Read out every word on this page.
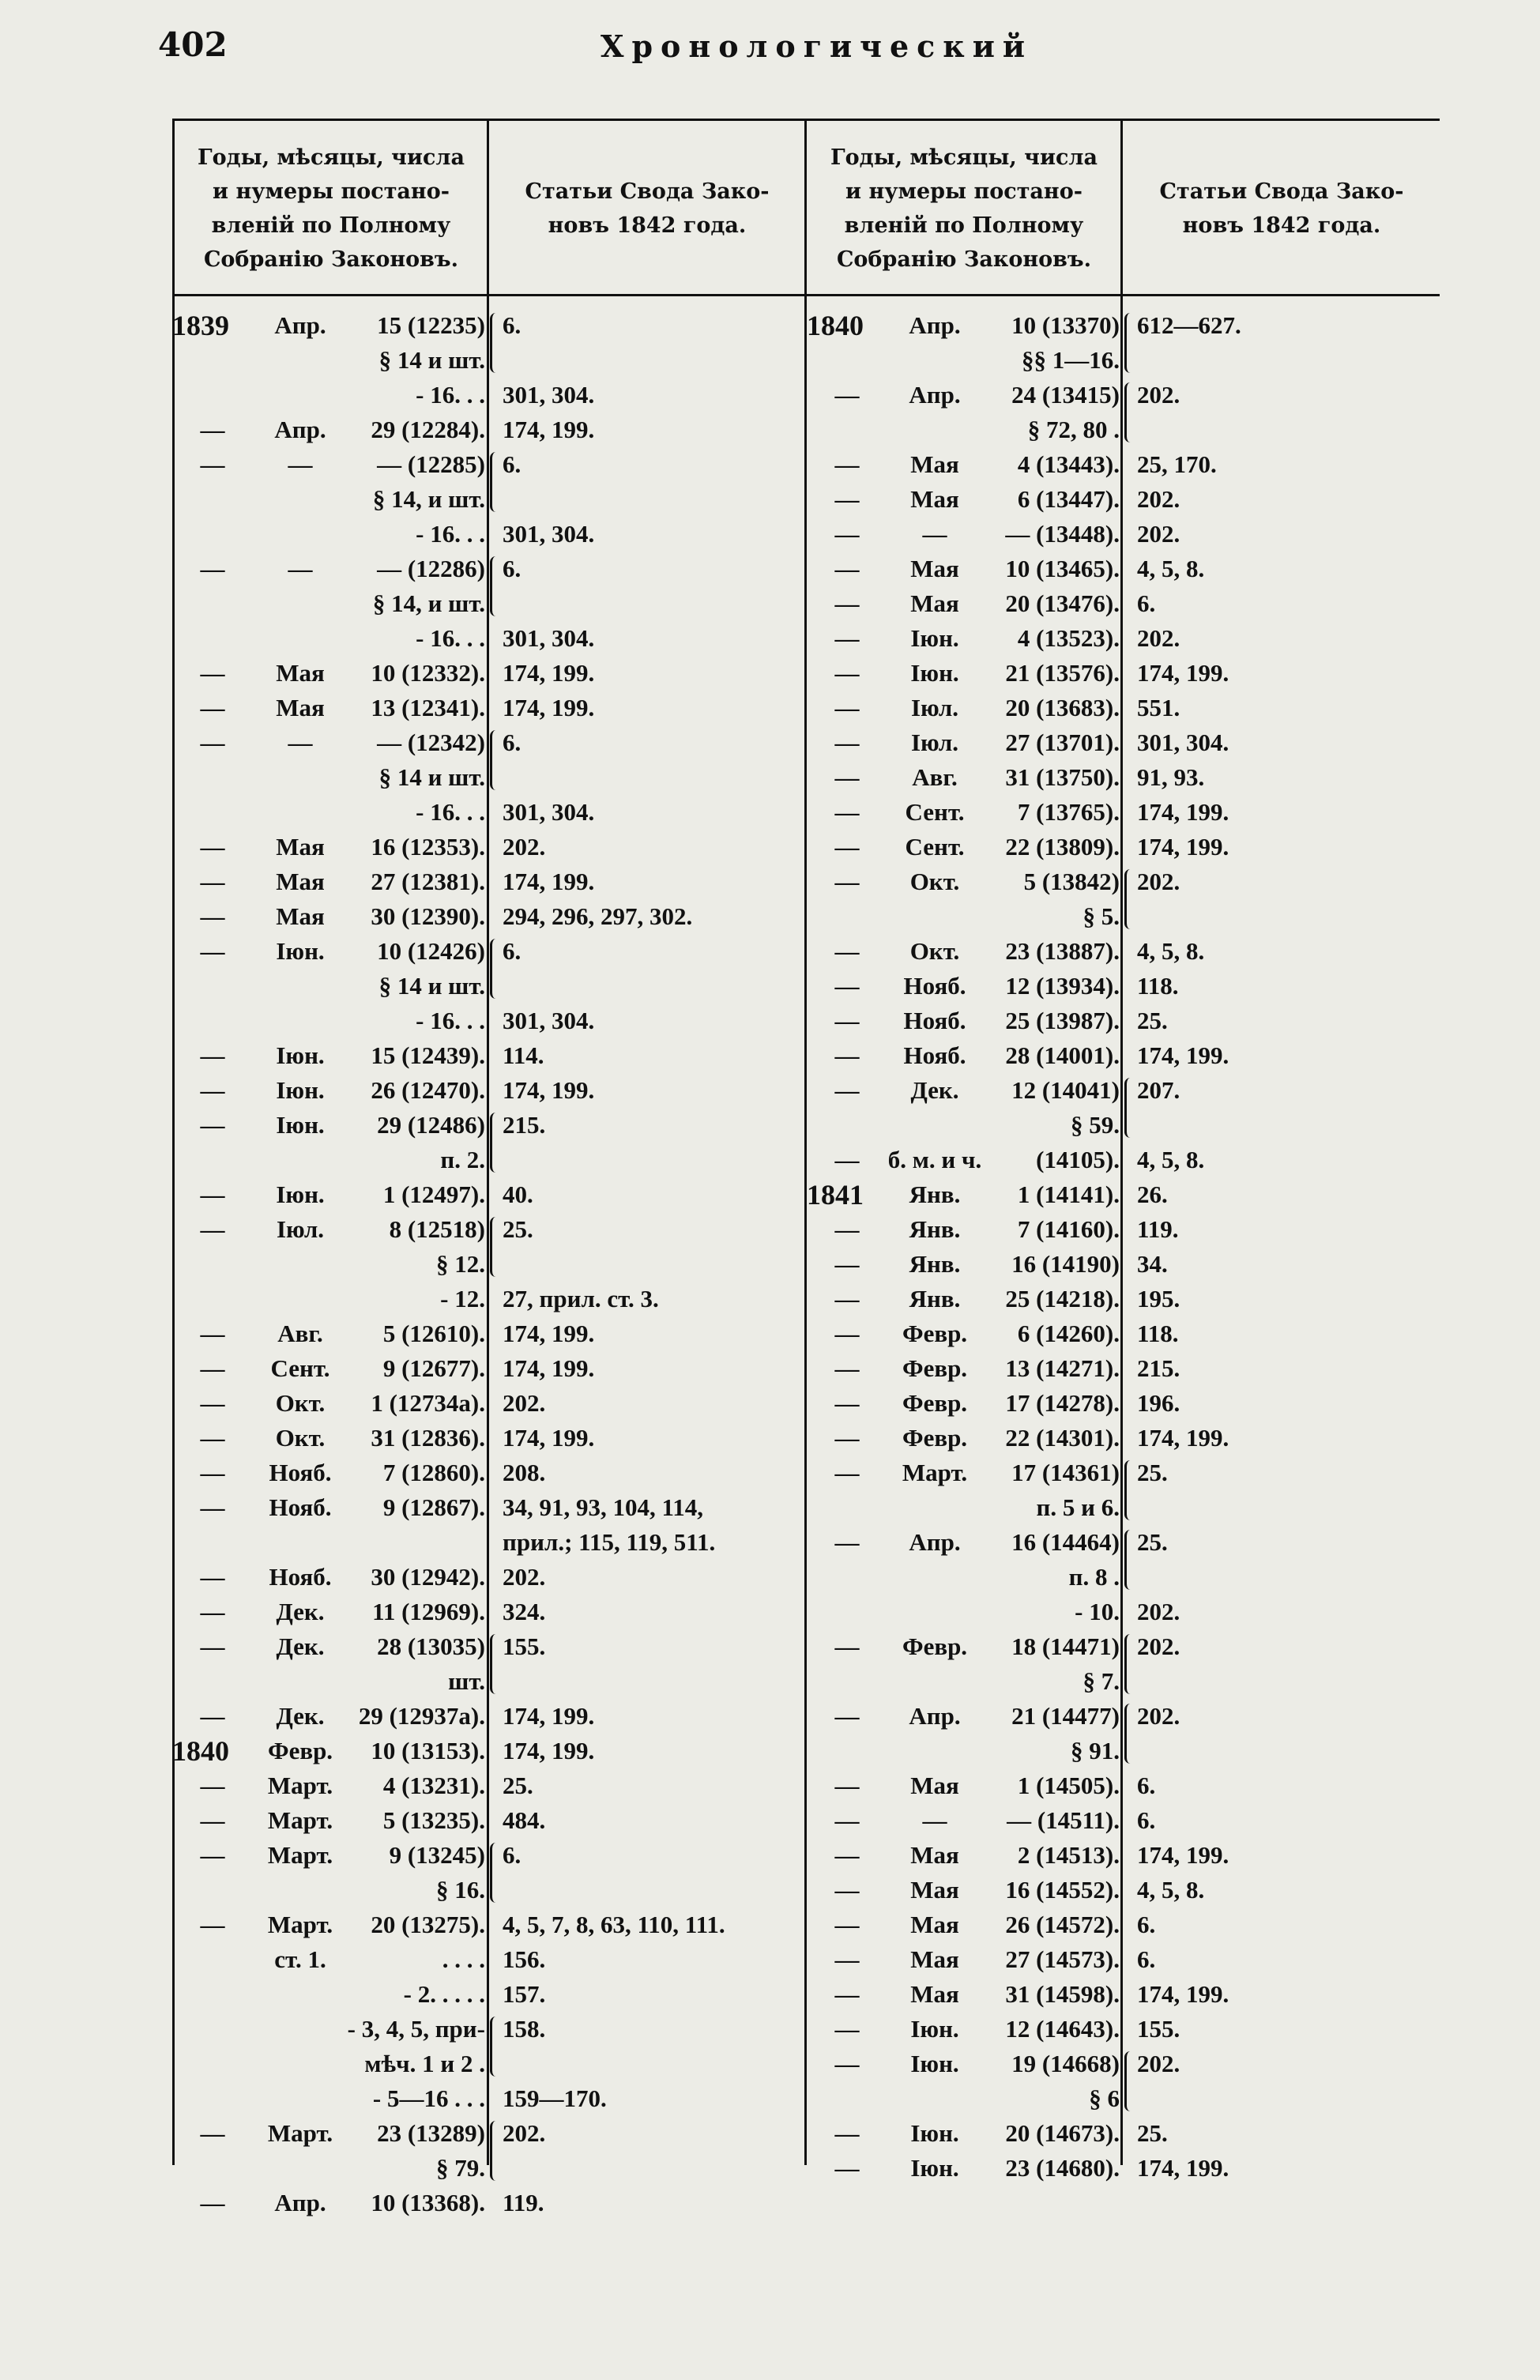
402	Хронологический
Годы, мѣсяцы, числа
и нумеры постано-
вленій по Полному
Собранію Законовъ.
Статьи Свода Зако-
новъ 1842 года.
Годы, мѣсяцы, числа
и нумеры постано-
вленій по Полному
Собранію Законовъ.
Статьи Свода Зако-
новъ 1842 года.
1839	Апр.	15 (12235) 6.
§ 14 и шт.
- 16. . . 301, 304.
—	Апр.	29 (12284). 174, 199.
—	—	— (12285) 6.
§ 14, и шт.
- 16. . . 301, 304.
—	—	— (12286) 6.
§ 14, и шт.
- 16. . . 301, 304.
—	Мая	10 (12332). 174, 199.
—	Мая	13 (12341). 174, 199.
—	—	— (12342) 6.
§ 14 и шт.
- 16. . . 301, 304.
—	Мая	16 (12353). 202.
—	Мая	27 (12381). 174, 199.
—	Мая	30 (12390). 294, 296, 297, 302.
—	Іюн.	10 (12426) 6.
§ 14 и шт.
- 16. . . 301, 304.
—	Іюн.	15 (12439). 114.
—	Іюн.	26 (12470). 174, 199.
—	Іюн.	29 (12486) 215.
п. 2.
—	Іюн.	1 (12497). 40.
—	Іюл.	8 (12518) 25.
§ 12.
- 12. 27, прил. ст. 3.
—	Авг.	5 (12610). 174, 199.
—	Сент.	9 (12677). 174, 199.
—	Окт.	1 (12734a). 202.
—	Окт.	31 (12836). 174, 199.
—	Нояб.	7 (12860). 208.
—	Нояб.	9 (12867). 34, 91, 93, 104, 114,
прил.; 115, 119, 511.
—	Нояб.	30 (12942). 202.
—	Дек.	11 (12969). 324.
—	Дек.	28 (13035) 155.
шт.
—	Дек.	29 (12937a). 174, 199.
1840	Февр.	10 (13153). 174, 199.
—	Март.	4 (13231). 25.
—	Март.	5 (13235). 484.
—	Март.	9 (13245) 6.
§ 16.
—	Март.	20 (13275). 4, 5, 7, 8, 63, 110, 111.
ст. 1.	. . . . 156.
- 2. . . . . 157.
- 3, 4, 5, при- 158.
мѣч. 1 и 2 .
- 5—16 . . . 159—170.
—	Март.	23 (13289) 202.
§ 79.
—	Апр.	10 (13368). 119.
1840	Апр.	10 (13370) 612—627.
§§ 1—16.
—	Апр.	24 (13415) 202.
§ 72, 80 .
—	Мая	4 (13443). 25, 170.
—	Мая	6 (13447). 202.
—	—	— (13448). 202.
—	Мая	10 (13465). 4, 5, 8.
—	Мая	20 (13476). 6.
—	Іюн.	4 (13523). 202.
—	Іюн.	21 (13576). 174, 199.
—	Іюл.	20 (13683). 551.
—	Іюл.	27 (13701). 301, 304.
—	Авг.	31 (13750). 91, 93.
—	Сент.	7 (13765). 174, 199.
—	Сент.	22 (13809). 174, 199.
—	Окт.	5 (13842) 202.
§ 5.
—	Окт.	23 (13887). 4, 5, 8.
—	Нояб.	12 (13934). 118.
—	Нояб.	25 (13987). 25.
—	Нояб.	28 (14001). 174, 199.
—	Дек.	12 (14041) 207.
§ 59.
—	б. м. и ч. (14105). 4, 5, 8.
1841	Янв.	1 (14141). 26.
—	Янв.	7 (14160). 119.
—	Янв.	16 (14190) 34.
—	Янв.	25 (14218). 195.
—	Февр.	6 (14260). 118.
—	Февр.	13 (14271). 215.
—	Февр.	17 (14278). 196.
—	Февр.	22 (14301). 174, 199.
—	Март.	17 (14361) 25.
п. 5 и 6.
—	Апр.	16 (14464) 25.
п. 8 .
- 10. 202.
—	Февр.	18 (14471) 202.
§ 7.
—	Апр.	21 (14477) 202.
§ 91.
—	Мая	1 (14505). 6.
—	—	— (14511). 6.
—	Мая	2 (14513). 174, 199.
—	Мая	16 (14552). 4, 5, 8.
—	Мая	26 (14572). 6.
—	Мая	27 (14573). 6.
—	Мая	31 (14598). 174, 199.
—	Іюн.	12 (14643). 155.
—	Іюн.	19 (14668) 202.
§ 6
—	Іюн.	20 (14673). 25.
—	Іюн.	23 (14680). 174, 199.
